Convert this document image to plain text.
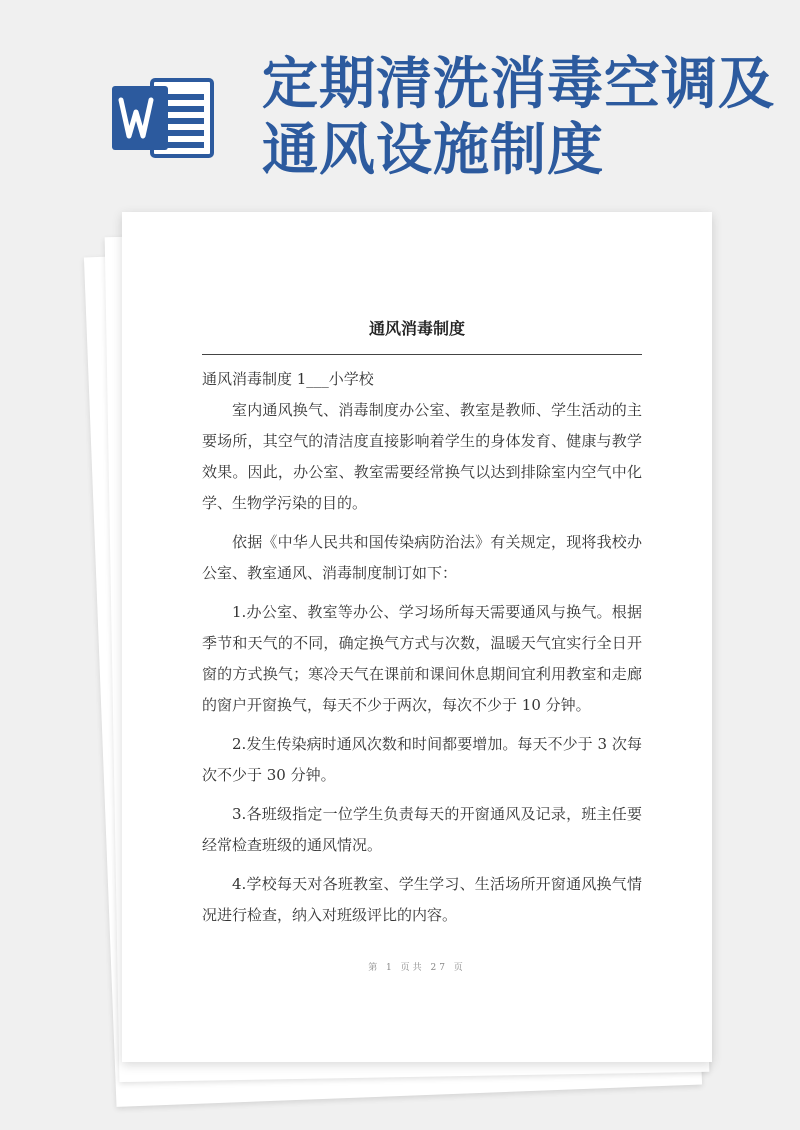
定期清洗消毒空调及通风设施制度
通风消毒制度

通风消毒制度 1___小学校

室内通风换气、消毒制度办公室、教室是教师、学生活动的主要场所，其空气的清洁度直接影响着学生的身体发育、健康与教学效果。因此，办公室、教室需要经常换气以达到排除室内空气中化学、生物学污染的目的。

依据《中华人民共和国传染病防治法》有关规定，现将我校办公室、教室通风、消毒制度制订如下：

1.办公室、教室等办公、学习场所每天需要通风与换气。根据季节和天气的不同，确定换气方式与次数，温暖天气宜实行全日开窗的方式换气；寒冷天气在课前和课间休息期间宜利用教室和走廊的窗户开窗换气，每天不少于两次，每次不少于 10 分钟。

2.发生传染病时通风次数和时间都要增加。每天不少于 3 次每次不少于 30 分钟。

3.各班级指定一位学生负责每天的开窗通风及记录，班主任要经常检查班级的通风情况。

4.学校每天对各班教室、学生学习、生活场所开窗通风换气情况进行检查，纳入对班级评比的内容。

第 1 页共 27 页
